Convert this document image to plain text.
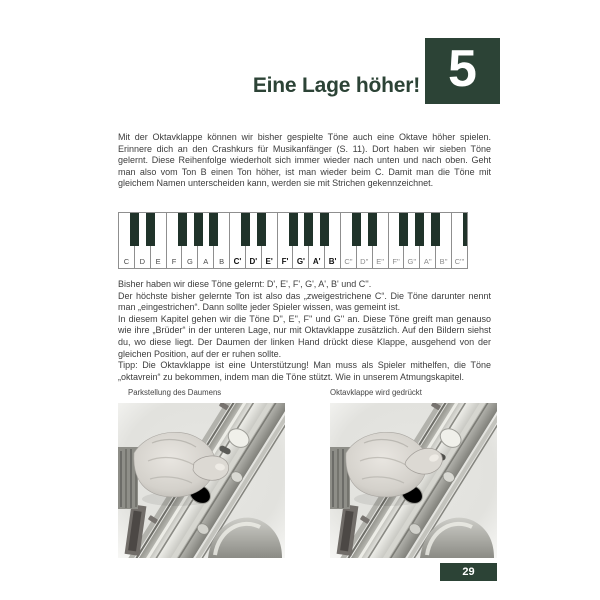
5
Eine Lage höher!

Mit der Oktavklappe können wir bisher gespielte Töne auch eine Oktave höher spielen. Erinnere dich an den Crashkurs für Musikanfänger (S. 11). Dort haben wir sieben Töne gelernt. Diese Reihenfolge wiederholt sich immer wieder nach unten und nach oben. Geht man also vom Ton B einen Ton höher, ist man wieder beim C. Damit man die Töne mit gleichem Namen unterscheiden kann, werden sie mit Strichen gekennzeichnet.

C	D	E	F	G	A	B	C'	D'	E'	F'	G' A'	B'	C''	D''	E''	F''	G''	A''	B'' C'''

Bisher haben wir diese Töne gelernt: D', E', F', G', A', B' und C''.

Der höchste bisher gelernte Ton ist also das „zweigestrichene C“. Die Töne darunter nennt man „eingestrichen“. Dann sollte jeder Spieler wissen, was gemeint ist.

In diesem Kapitel gehen wir die Töne D'', E'', F'' und G'' an. Diese Töne greift man genauso wie ihre „Brüder“ in der unteren Lage, nur mit Oktavklappe zusätzlich. Auf den Bildern siehst du, wo diese liegt. Der Daumen der linken Hand drückt diese Klappe, ausgehend von der gleichen Position, auf der er ruhen sollte.

Tipp: Die Oktavklappe ist eine Unterstützung! Man muss als Spieler mithelfen, die Töne „oktavrein“ zu bekommen, indem man die Töne stützt. Wie in unserem Atmungskapitel.

Parkstellung des Daumens	Oktavklappe wird gedrückt
29
